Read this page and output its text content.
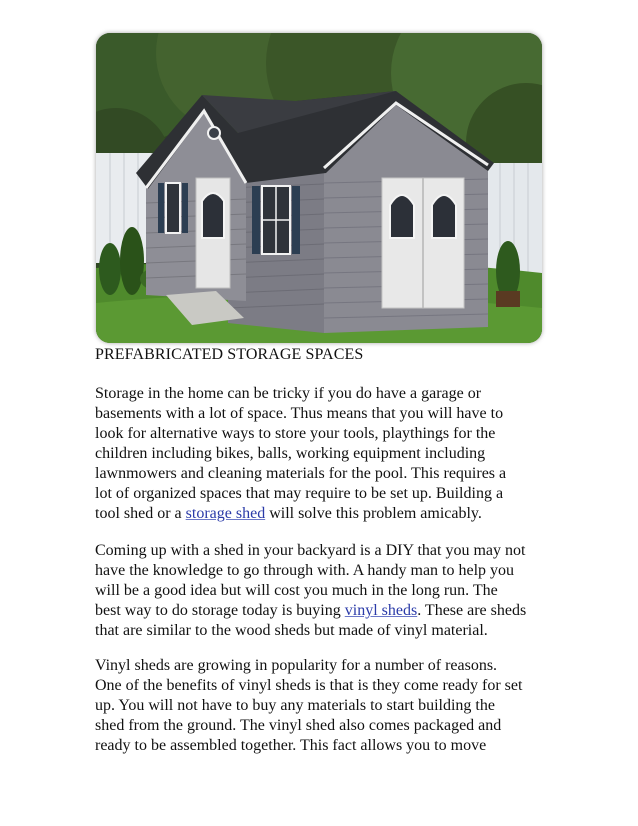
PREFABRICATED STORAGE SPACES

Storage in the home can be tricky if you do have a garage or
basements with a lot of space. Thus means that you will have to
look for alternative ways to store your tools, playthings for the
children including bikes, balls, working equipment including
lawnmowers and cleaning materials for the pool. This requires a
lot of organized spaces that may require to be set up. Building a
tool shed or a storage shed will solve this problem amicably.

Coming up with a shed in your backyard is a DIY that you may not
have the knowledge to go through with. A handy man to help you
will be a good idea but will cost you much in the long run. The
best way to do storage today is buying vinyl sheds. These are sheds
that are similar to the wood sheds but made of vinyl material.

Vinyl sheds are growing in popularity for a number of reasons.
One of the benefits of vinyl sheds is that is they come ready for set
up. You will not have to buy any materials to start building the
shed from the ground. The vinyl shed also comes packaged and
ready to be assembled together. This fact allows you to move
